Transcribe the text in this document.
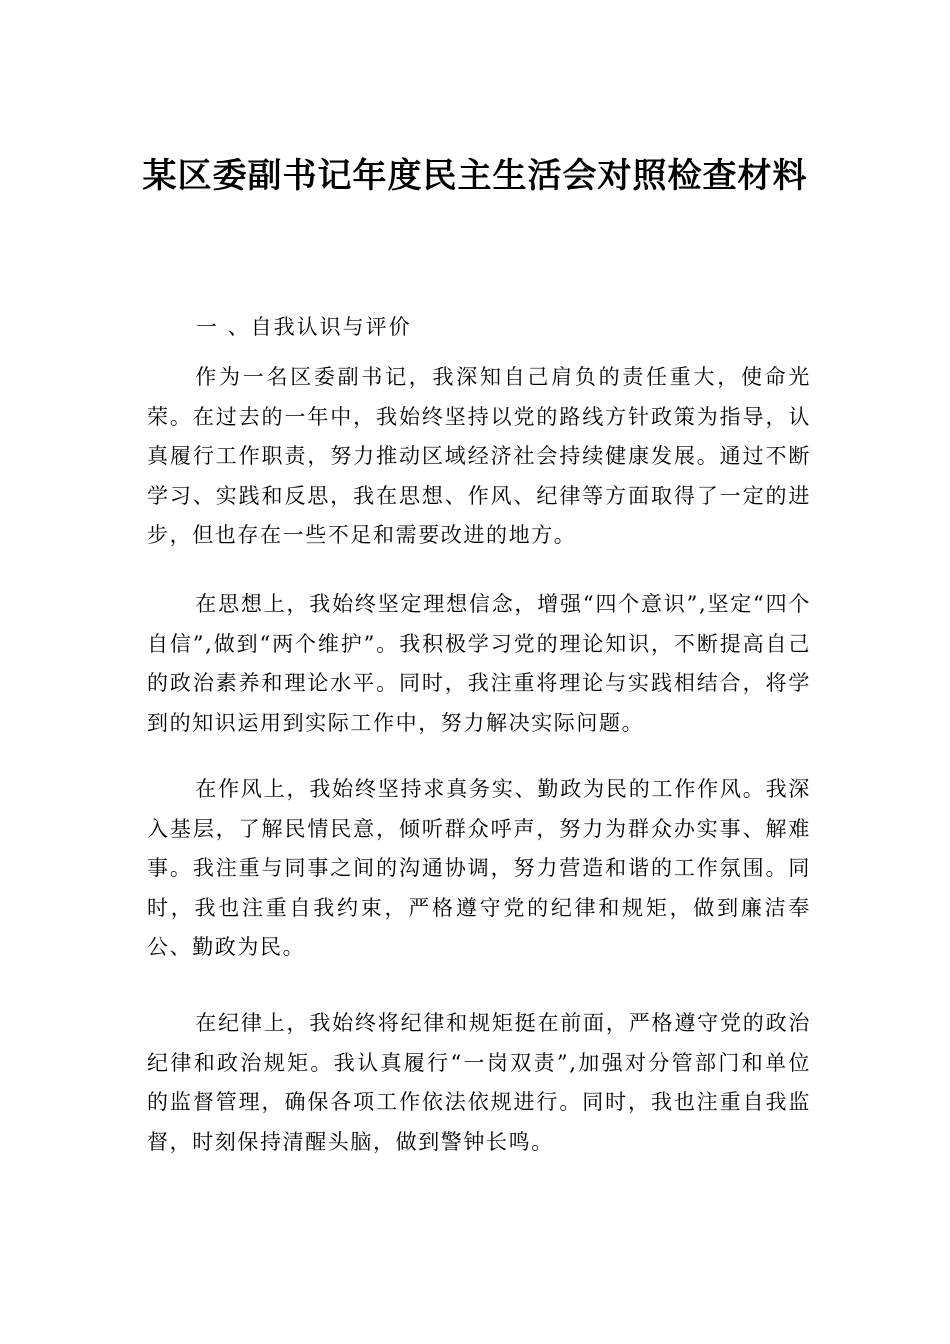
某区委副书记年度民主生活会对照检查材料

一 、自我认识与评价

作为一名区委副书记，我深知自己肩负的责任重大，使命光荣。在过去的一年中，我始终坚持以党的路线方针政策为指导，认真履行工作职责，努力推动区域经济社会持续健康发展。通过不断学习、实践和反思，我在思想、作风、纪律等方面取得了一定的进步，但也存在一些不足和需要改进的地方。

在思想上，我始终坚定理想信念，增强“四个意识”,坚定“四个自信”,做到“两个维护”。我积极学习党的理论知识，不断提高自己的政治素养和理论水平。同时，我注重将理论与实践相结合，将学到的知识运用到实际工作中，努力解决实际问题。

在作风上，我始终坚持求真务实、勤政为民的工作作风。我深入基层，了解民情民意，倾听群众呼声，努力为群众办实事、解难事。我注重与同事之间的沟通协调，努力营造和谐的工作氛围。同时，我也注重自我约束，严格遵守党的纪律和规矩，做到廉洁奉公、勤政为民。

在纪律上，我始终将纪律和规矩挺在前面，严格遵守党的政治纪律和政治规矩。我认真履行“一岗双责”,加强对分管部门和单位的监督管理，确保各项工作依法依规进行。同时，我也注重自我监督，时刻保持清醒头脑，做到警钟长鸣。
